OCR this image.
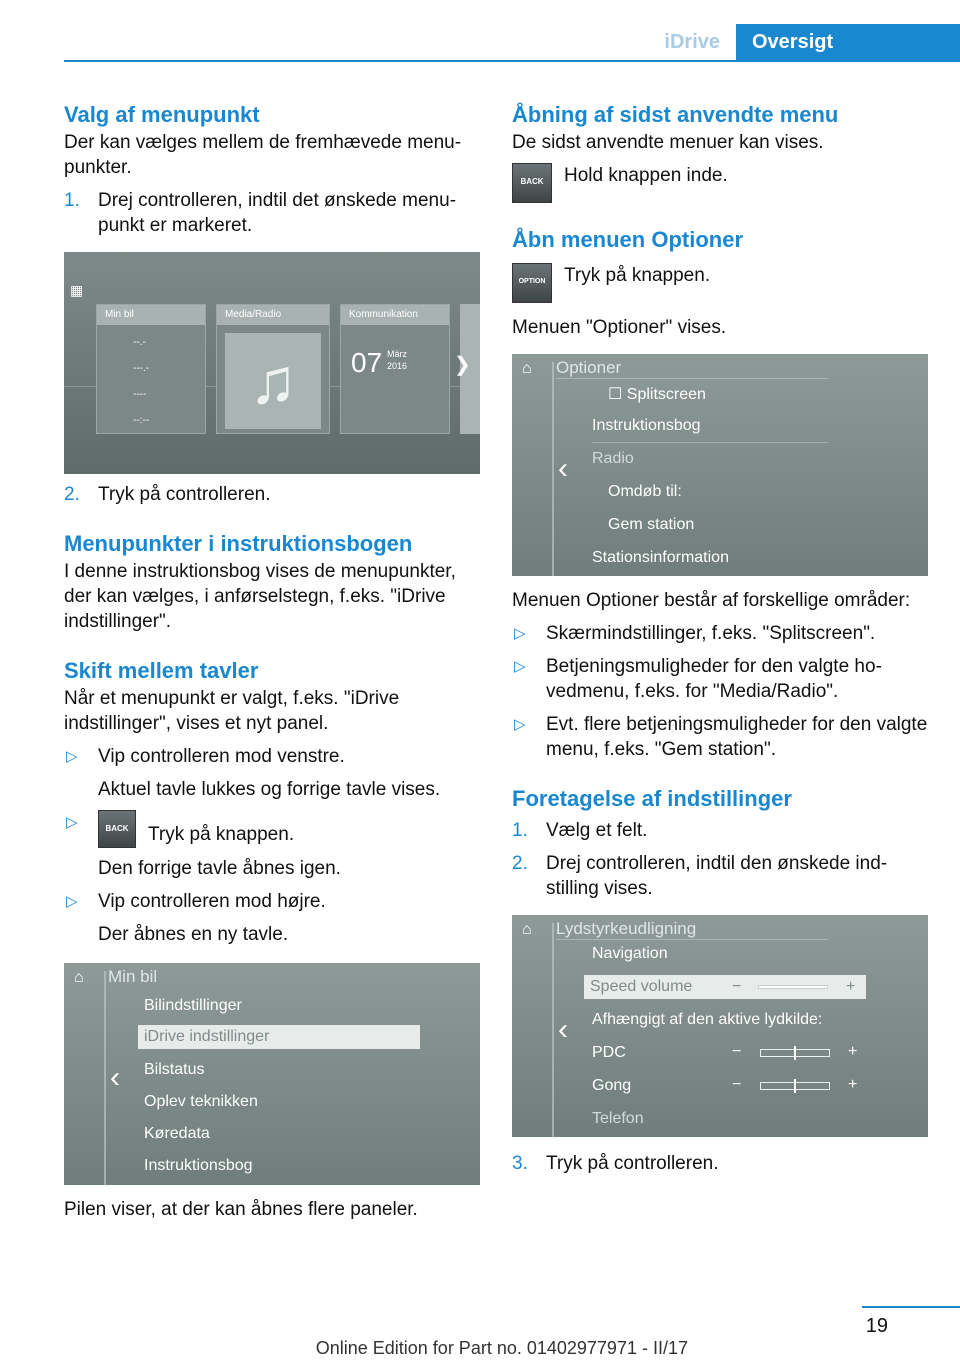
iDrive	Oversigt
Valg af menupunkt

Der kan vælges mellem de fremhævede menupunkter.

1. Drej controlleren, indtil det ønskede menupunkt er markeret.
▦
Min bil
--.-
---.-
----
--:--
Media/Radio
♫
Kommunikation
07 März
2016 ❯
2. Tryk på controlleren.
Menupunkter i instruktionsbogen

I denne instruktionsbog vises de menupunkter, der kan vælges, i anførselstegn, f.eks. "iDrive indstillinger".

Skift mellem tavler

Når et menupunkt er valgt, f.eks. "iDrive indstillinger", vises et nyt panel.

▷ Vip controlleren mod venstre.
Aktuel tavle lukkes og forrige tavle vises.
▷	BACK	Tryk på knappen.
Den forrige tavle åbnes igen.
▷ Vip controlleren mod højre.
Der åbnes en ny tavle.
⌂ Min bil
‹
Bilindstillinger
iDrive indstillinger
Bilstatus
Oplev teknikken
Køredata
Instruktionsbog

Pilen viser, at der kan åbnes flere paneler.

Åbning af sidst anvendte menu

De sidst anvendte menuer kan vises.

BACK	Hold knappen inde.
Åbn menuen Optioner
OPTION Tryk på knappen.

Menuen "Optioner" vises.

⌂ Optioner
‹
☐ Splitscreen
Instruktionsbog
Radio
Omdøb til:
Gem station
Stationsinformation

Menuen Optioner består af forskellige områder:

▷ Skærmindstillinger, f.eks. "Splitscreen".
▷ Betjeningsmuligheder for den valgte hovedmenu, f.eks. for "Media/Radio".
▷ Evt. flere betjeningsmuligheder for den valgte menu, f.eks. "Gem station".
Foretagelse af indstillinger
1. Vælg et felt.
2. Drej controlleren, indtil den ønskede indstilling vises.
⌂ Lydstyrkeudligning
‹
Navigation
Speed volume −	+
Afhængigt af den aktive lydkilde:
PDC	−	+
Gong	−	+
Telefon
3. Tryk på controlleren.
19
Online Edition for Part no. 01402977971 - II/17
